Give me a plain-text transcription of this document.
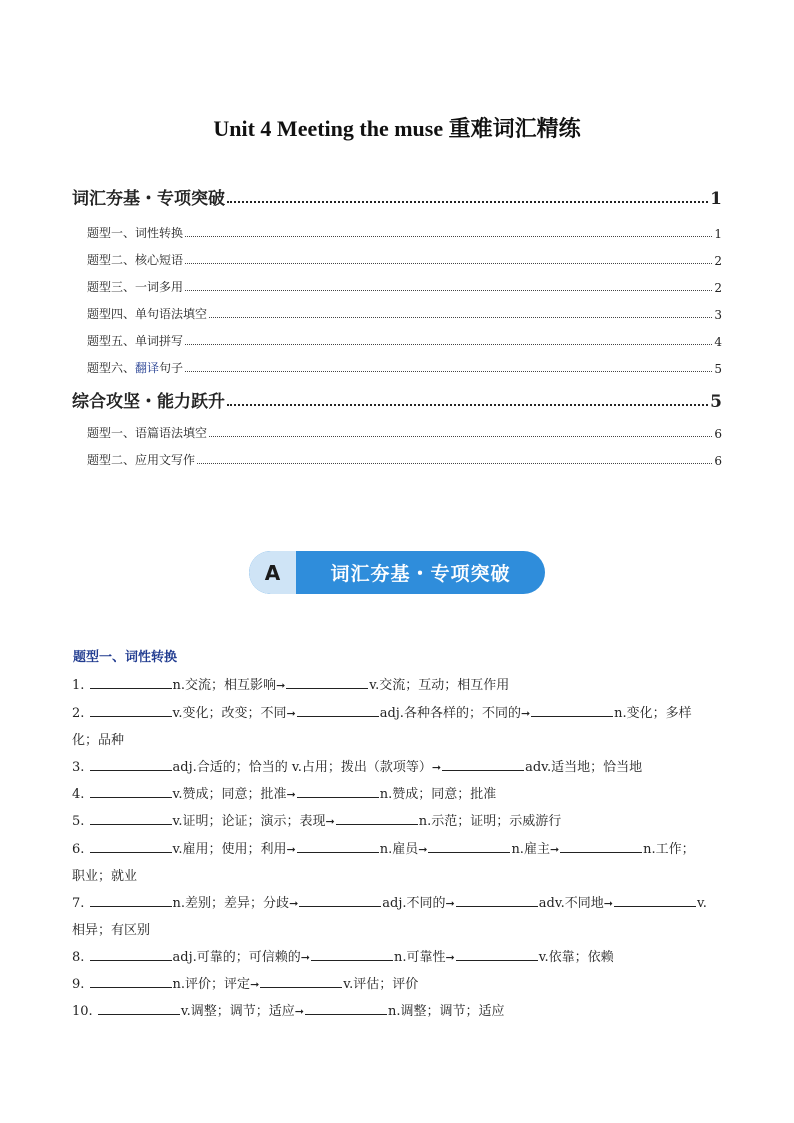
Unit 4 Meeting the muse 重难词汇精练
词汇夯基・专项突破	1
题型一、词性转换	1
题型二、核心短语	2
题型三、一词多用	2
题型四、单句语法填空	3
题型五、单词拼写	4
题型六、翻译句子	5
综合攻坚・能力跃升	5
题型一、语篇语法填空	6
题型二、应用文写作	6
A	词汇夯基・专项突破
题型一、词性转换
1.	n.交流；相互影响➞	v.交流；互动；相互作用
2.	v.变化；改变；不同➞	adj.各种各样的；不同的➞	n.变化；多样
化；品种
3.	adj.合适的；恰当的 v.占用；拨出（款项等）➞	adv.适当地；恰当地
4.	v.赞成；同意；批准➞	n.赞成；同意；批准
5.	v.证明；论证；演示；表现➞	n.示范；证明；示威游行
6.	v.雇用；使用；利用➞	n.雇员➞	n.雇主➞	n.工作；
职业；就业
7.	n.差别；差异；分歧➞	adj.不同的➞	adv.不同地➞	v.
相异；有区别
8.	adj.可靠的；可信赖的➞	n.可靠性➞	v.依靠；依赖
9.	n.评价；评定➞	v.评估；评价
10.	v.调整；调节；适应➞	n.调整；调节；适应
